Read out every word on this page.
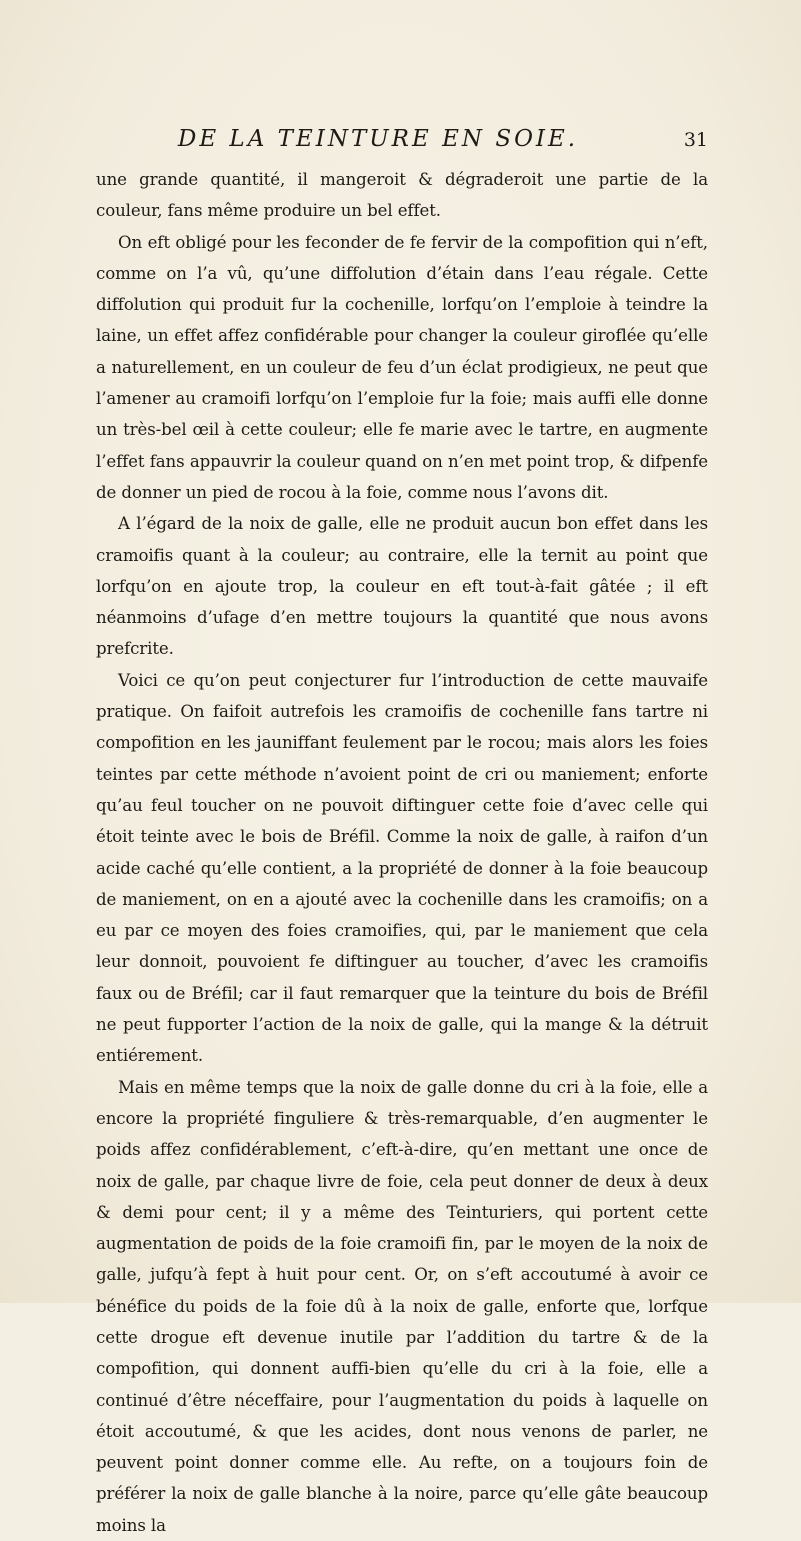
DE LA TEINTURE EN SOIE.	31

une grande quantité, il mangeroit & dégraderoit une partie de la couleur, fans même produire un bel effet.

On eft obligé pour les feconder de fe fervir de la compofition qui n’eft, comme on l’a vû, qu’une diffolution d’étain dans l’eau régale. Cette diffolution qui produit fur la cochenille, lorfqu’on l’emploie à teindre la laine, un effet affez confidérable pour changer la couleur giroflée qu’elle a naturellement, en un couleur de feu d’un éclat prodigieux, ne peut que l’amener au cramoifi lorfqu’on l’emploie fur la foie; mais auffi elle donne un très-bel œil à cette couleur; elle fe marie avec le tartre, en augmente l’effet fans appauvrir la couleur quand on n’en met point trop, & difpenfe de donner un pied de rocou à la foie, comme nous l’avons dit.

A l’égard de la noix de galle, elle ne produit aucun bon effet dans les cramoifis quant à la couleur; au contraire, elle la ternit au point que lorfqu’on en ajoute trop, la couleur en eft tout-à-fait gâtée ; il eft néanmoins d’ufage d’en mettre toujours la quantité que nous avons prefcrite.

Voici ce qu’on peut conjecturer fur l’introduction de cette mauvaife pratique. On faifoit autrefois les cramoifis de cochenille fans tartre ni compofition en les jauniffant feulement par le rocou; mais alors les foies teintes par cette méthode n’avoient point de cri ou maniement; enforte qu’au feul toucher on ne pouvoit diftinguer cette foie d’avec celle qui étoit teinte avec le bois de Bréfil. Comme la noix de galle, à raifon d’un acide caché qu’elle contient, a la propriété de donner à la foie beaucoup de maniement, on en a ajouté avec la cochenille dans les cramoifis; on a eu par ce moyen des foies cramoifies, qui, par le maniement que cela leur donnoit, pouvoient fe diftinguer au toucher, d’avec les cramoifis faux ou de Bréfil; car il faut remarquer que la teinture du bois de Bréfil ne peut fupporter l’action de la noix de galle, qui la mange & la détruit entiérement.

Mais en même temps que la noix de galle donne du cri à la foie, elle a encore la propriété finguliere & très-remarquable, d’en augmenter le poids affez confidérablement, c’eft-à-dire, qu’en mettant une once de noix de galle, par chaque livre de foie, cela peut donner de deux à deux & demi pour cent; il y a même des Teinturiers, qui portent cette augmentation de poids de la foie cramoifi fin, par le moyen de la noix de galle, jufqu’à fept à huit pour cent. Or, on s’eft accoutumé à avoir ce bénéfice du poids de la foie dû à la noix de galle, enforte que, lorfque cette drogue eft devenue inutile par l’addition du tartre & de la compofition, qui donnent auffi-bien qu’elle du cri à la foie, elle a continué d’être néceffaire, pour l’augmentation du poids à laquelle on étoit accoutumé, & que les acides, dont nous venons de parler, ne peuvent point donner comme elle. Au refte, on a toujours foin de préférer la noix de galle blanche à la noire, parce qu’elle gâte beaucoup moins la
